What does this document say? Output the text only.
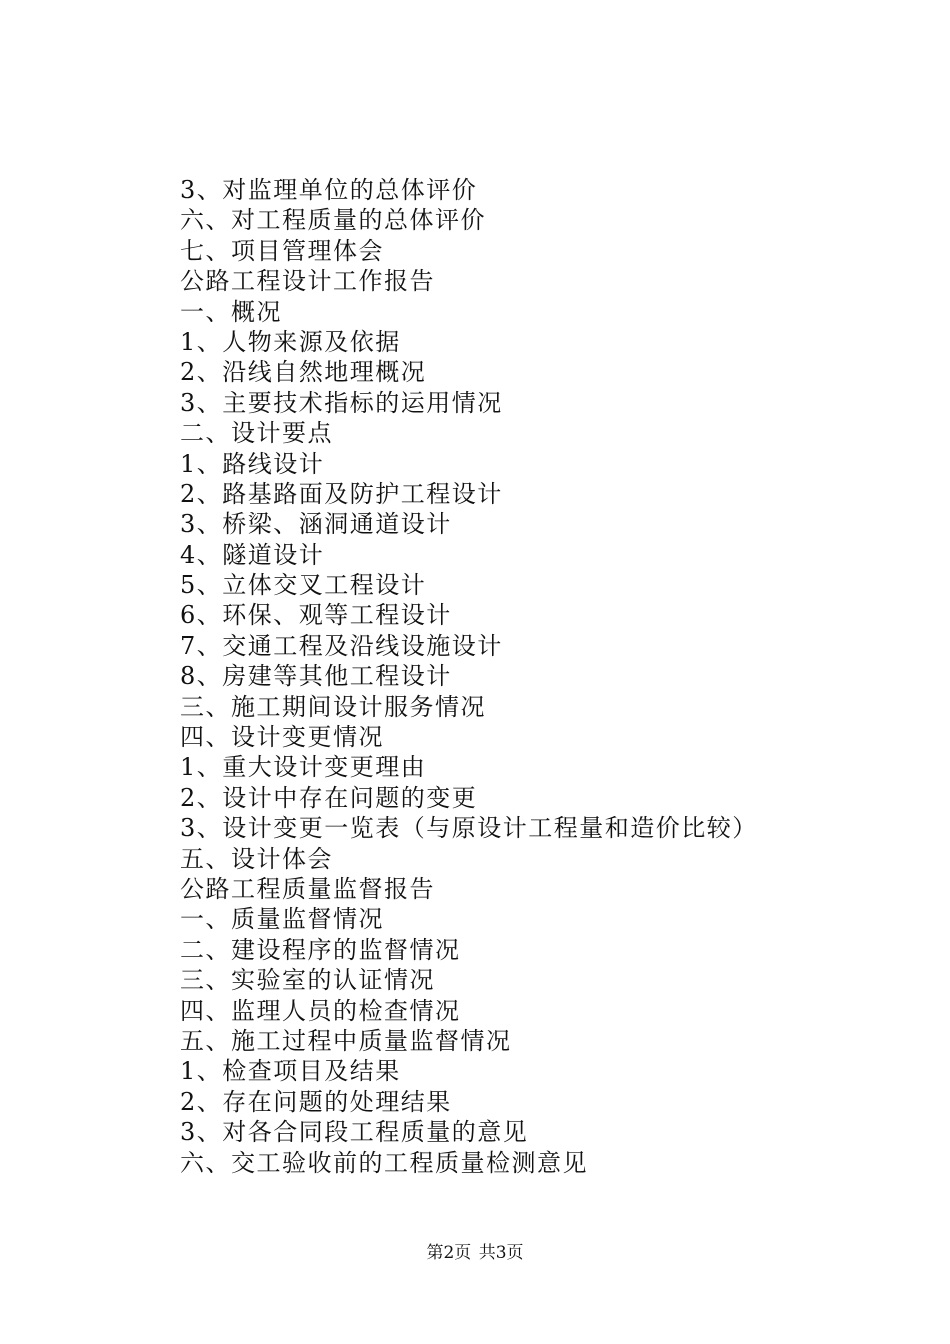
3、对监理单位的总体评价
六、对工程质量的总体评价
七、项目管理体会
公路工程设计工作报告
一、概况
1、人物来源及依据
2、沿线自然地理概况
3、主要技术指标的运用情况
二、设计要点
1、路线设计
2、路基路面及防护工程设计
3、桥梁、涵洞通道设计
4、隧道设计
5、立体交叉工程设计
6、环保、观等工程设计
7、交通工程及沿线设施设计
8、房建等其他工程设计
三、施工期间设计服务情况
四、设计变更情况
1、重大设计变更理由
2、设计中存在问题的变更
3、设计变更一览表（与原设计工程量和造价比较）
五、设计体会
公路工程质量监督报告
一、质量监督情况
二、建设程序的监督情况
三、实验室的认证情况
四、监理人员的检查情况
五、施工过程中质量监督情况
1、检查项目及结果
2、存在问题的处理结果
3、对各合同段工程质量的意见
六、交工验收前的工程质量检测意见
第2页 共3页
